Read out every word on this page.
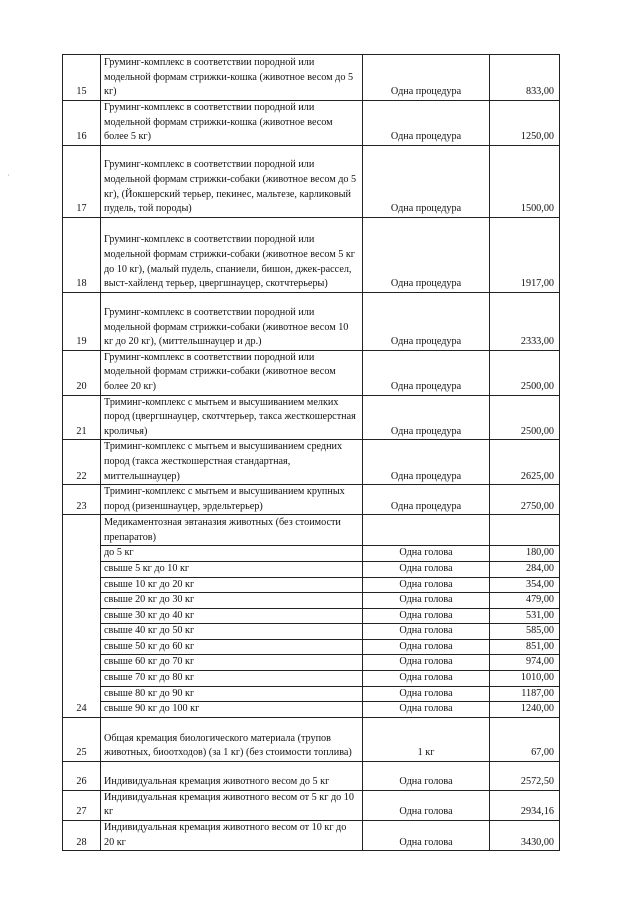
15	Груминг-комплекс в соответствии породной или модельной формам стрижки-кошка (животное весом до 5 кг)	Одна процедура	833,00
16	Груминг-комплекс в соответствии породной или модельной формам стрижки-кошка (животное весом более 5 кг)	Одна процедура	1250,00
17	Груминг-комплекс в соответствии породной или модельной формам стрижки-собаки (животное весом до 5 кг), (Йокшерский терьер, пекинес, мальтезе, карликовый пудель, той породы)	Одна процедура	1500,00
18	Груминг-комплекс в соответствии породной или модельной формам стрижки-собаки (животное весом 5 кг до 10 кг), (малый пудель, спаниели, бишон, джек-рассел, выст-хайленд терьер, цвергшнауцер, скотчтерьеры)	Одна процедура	1917,00
19	Груминг-комплекс в соответствии породной или модельной формам стрижки-собаки (животное весом 10 кг до 20 кг), (миттельшнауцер и др.)	Одна процедура	2333,00
20	Груминг-комплекс в соответствии породной или модельной формам стрижки-собаки (животное весом более 20 кг)	Одна процедура	2500,00
21	Триминг-комплекс с мытьем и высушиванием мелких пород (цвергшнауцер, скотчтерьер, такса жесткошерстная кроличья)	Одна процедура	2500,00
22	Триминг-комплекс с мытьем и высушиванием средних пород (такса жесткошерстная стандартная, миттельшнауцер)	Одна процедура	2625,00
23	Триминг-комплекс с мытьем и высушиванием крупных пород (ризеншнауцер, эрдельтерьер)	Одна процедура	2750,00
24	Медикаментозная эвтаназия животных (без стоимости препаратов)		
	до 5 кг	Одна голова	180,00
	свыше 5 кг до 10 кг	Одна голова	284,00
	свыше 10 кг до 20 кг	Одна голова	354,00
	свыше 20 кг до 30 кг	Одна голова	479,00
	свыше 30 кг до 40 кг	Одна голова	531,00
	свыше 40 кг до 50 кг	Одна голова	585,00
	свыше 50 кг до 60 кг	Одна голова	851,00
	свыше 60 кг до 70 кг	Одна голова	974,00
	свыше 70 кг до 80 кг	Одна голова	1010,00
	свыше 80 кг до 90 кг	Одна голова	1187,00
	свыше 90 кг до 100 кг	Одна голова	1240,00
25	Общая кремация биологического материала (трупов животных, биоотходов) (за 1 кг) (без стоимости топлива)	1 кг	67,00
26	Индивидуальная кремация животного весом до 5 кг	Одна голова	2572,50
27	Индивидуальная кремация животного весом от 5 кг до 10 кг	Одна голова	2934,16
28	Индивидуальная кремация животного весом от 10 кг до 20 кг	Одна голова	3430,00
·
